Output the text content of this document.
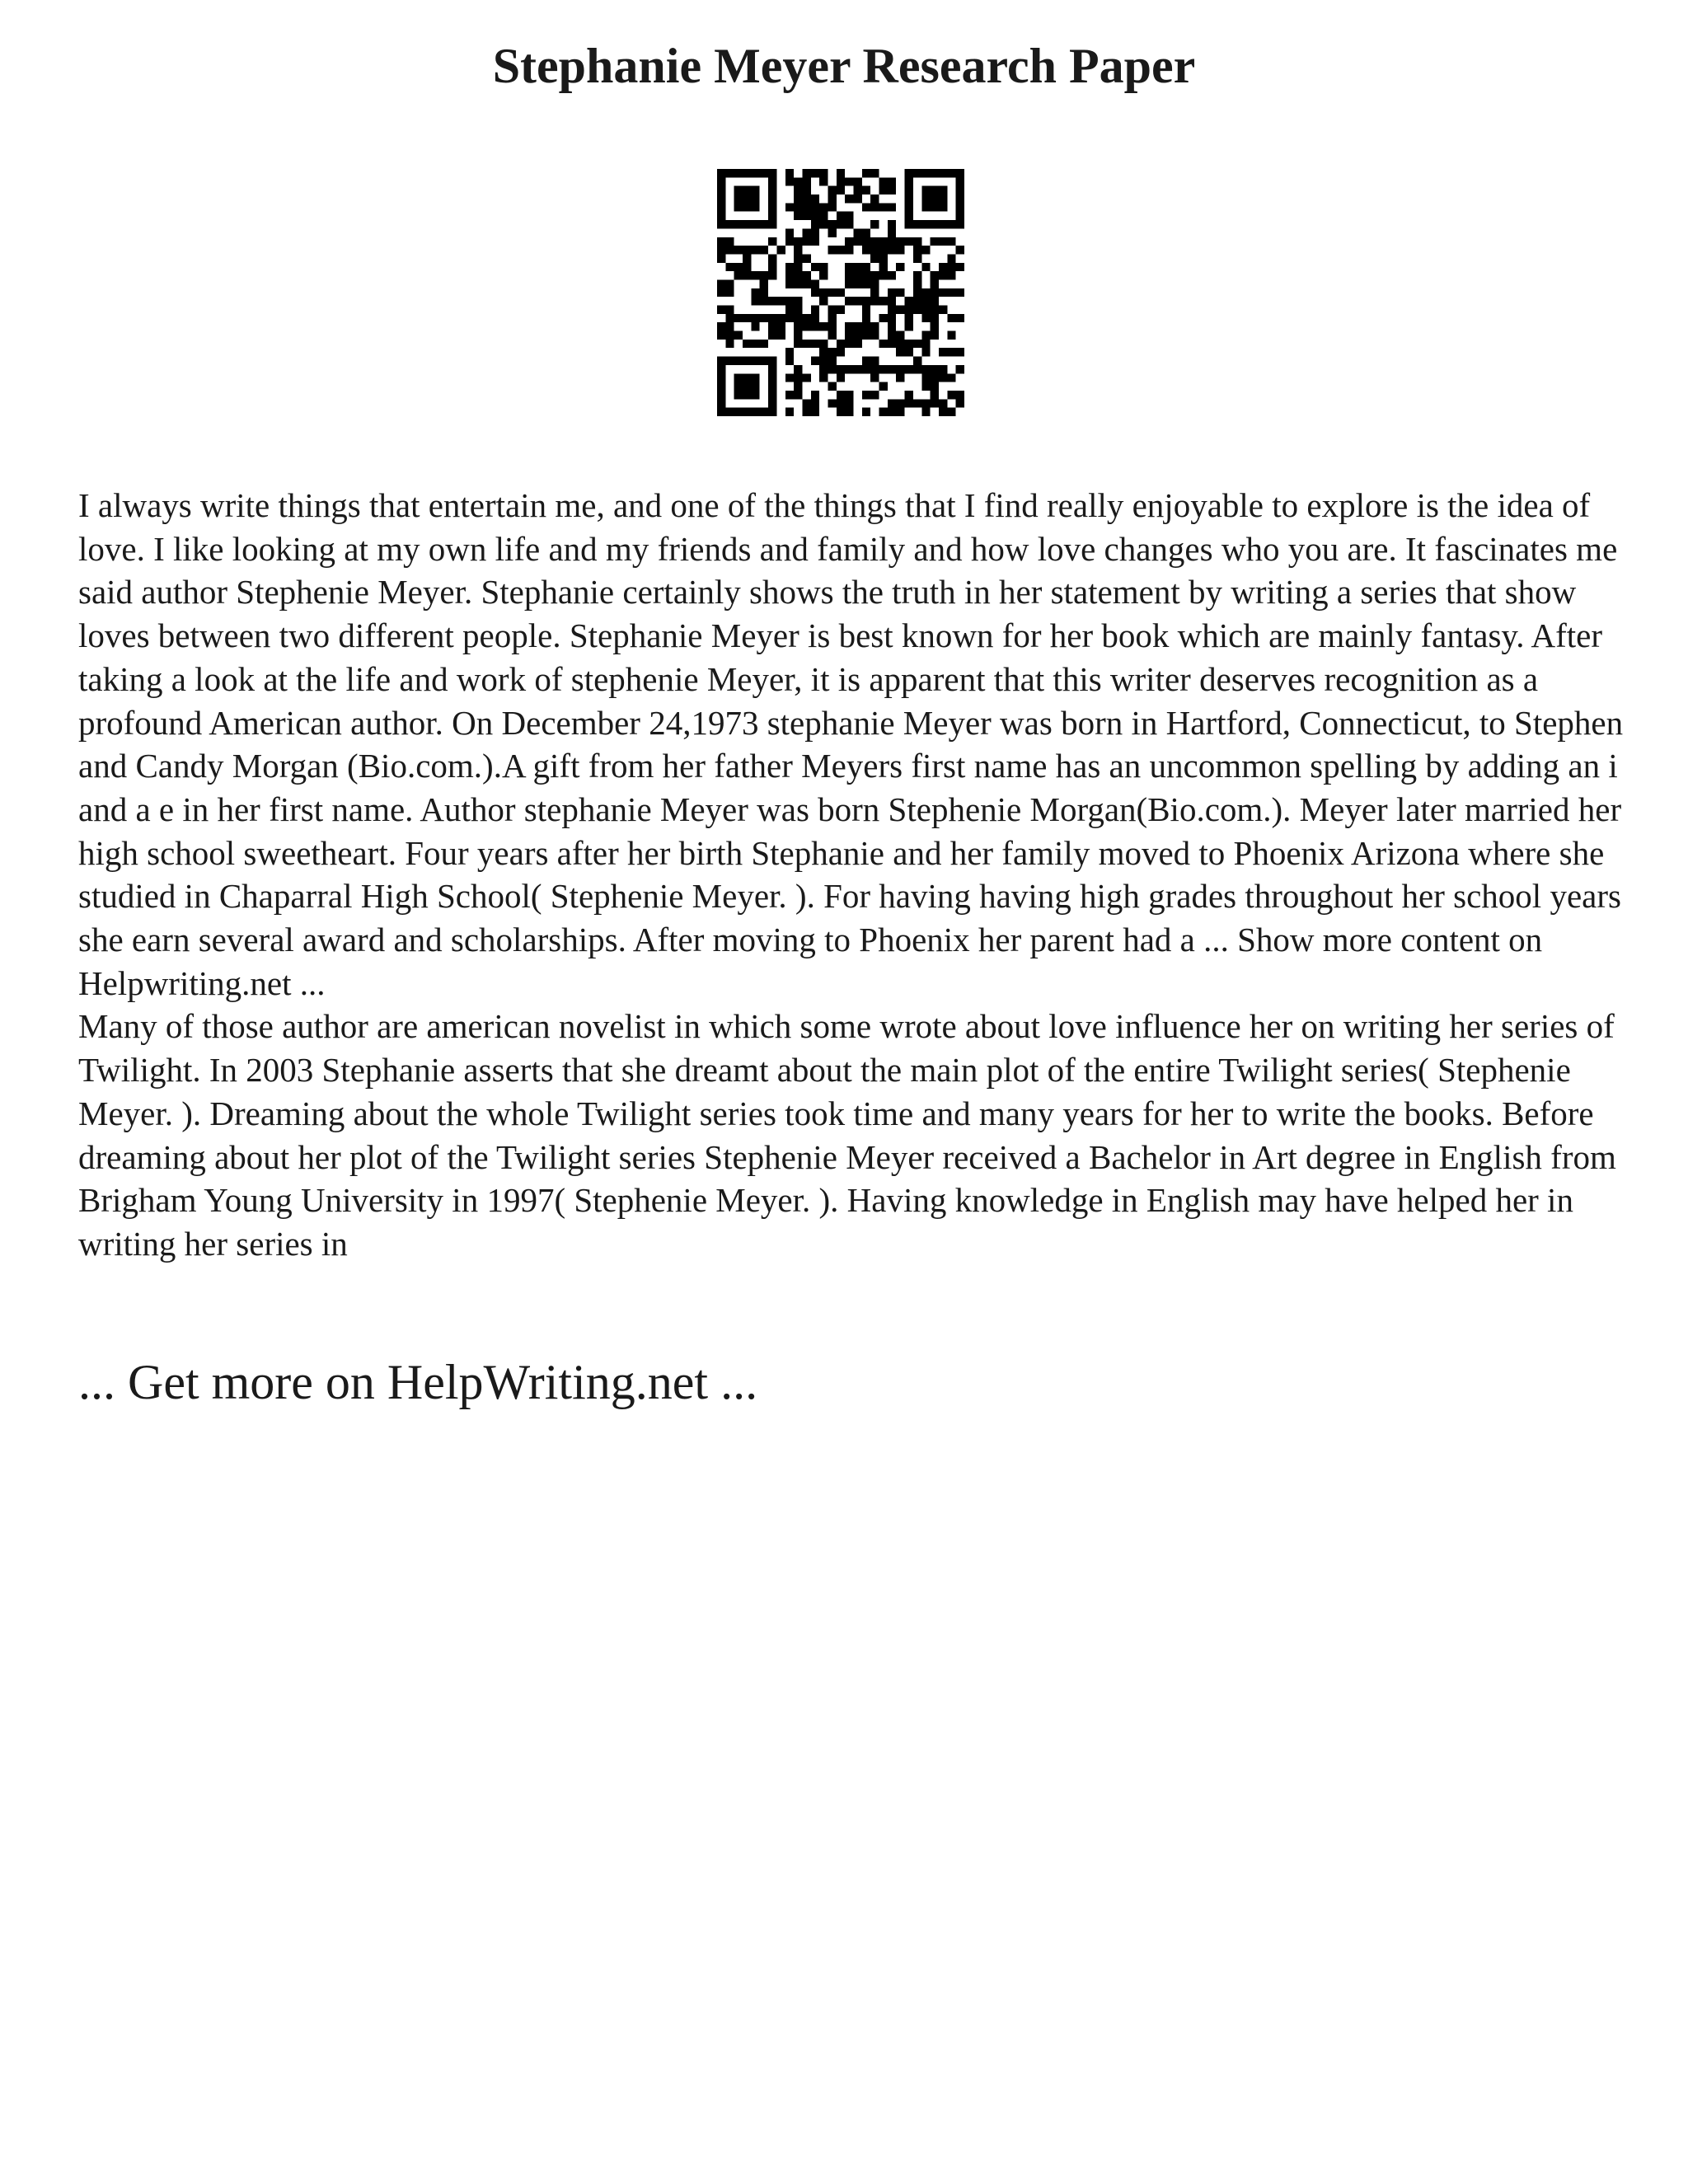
Stephanie Meyer Research Paper

I always write things that entertain me, and one of the things that I find really enjoyable to explore is the idea of love. I like looking at my own life and my friends and family and how love changes who you are. It fascinates me said author Stephenie Meyer. Stephanie certainly shows the truth in her statement by writing a series that show loves between two different people. Stephanie Meyer is best known for her book which are mainly fantasy. After taking a look at the life and work of stephenie Meyer, it is apparent that this writer deserves recognition as a profound American author. On December 24,1973 stephanie Meyer was born in Hartford, Connecticut, to Stephen and Candy Morgan (Bio.com.).A gift from her father Meyers first name has an uncommon spelling by adding an i and a e in her first name. Author stephanie Meyer was born Stephenie Morgan(Bio.com.). Meyer later married her high school sweetheart. Four years after her birth Stephanie and her family moved to Phoenix Arizona where she studied in Chaparral High School( Stephenie Meyer. ). For having having high grades throughout her school years she earn several award and scholarships. After moving to Phoenix her parent had a ... Show more content on Helpwriting.net ...

Many of those author are american novelist in which some wrote about love influence her on writing her series of Twilight. In 2003 Stephanie asserts that she dreamt about the main plot of the entire Twilight series( Stephenie Meyer. ). Dreaming about the whole Twilight series took time and many years for her to write the books. Before dreaming about her plot of the Twilight series Stephenie Meyer received a Bachelor in Art degree in English from Brigham Young University in 1997( Stephenie Meyer. ). Having knowledge in English may have helped her in writing her series in

... Get more on HelpWriting.net ...
